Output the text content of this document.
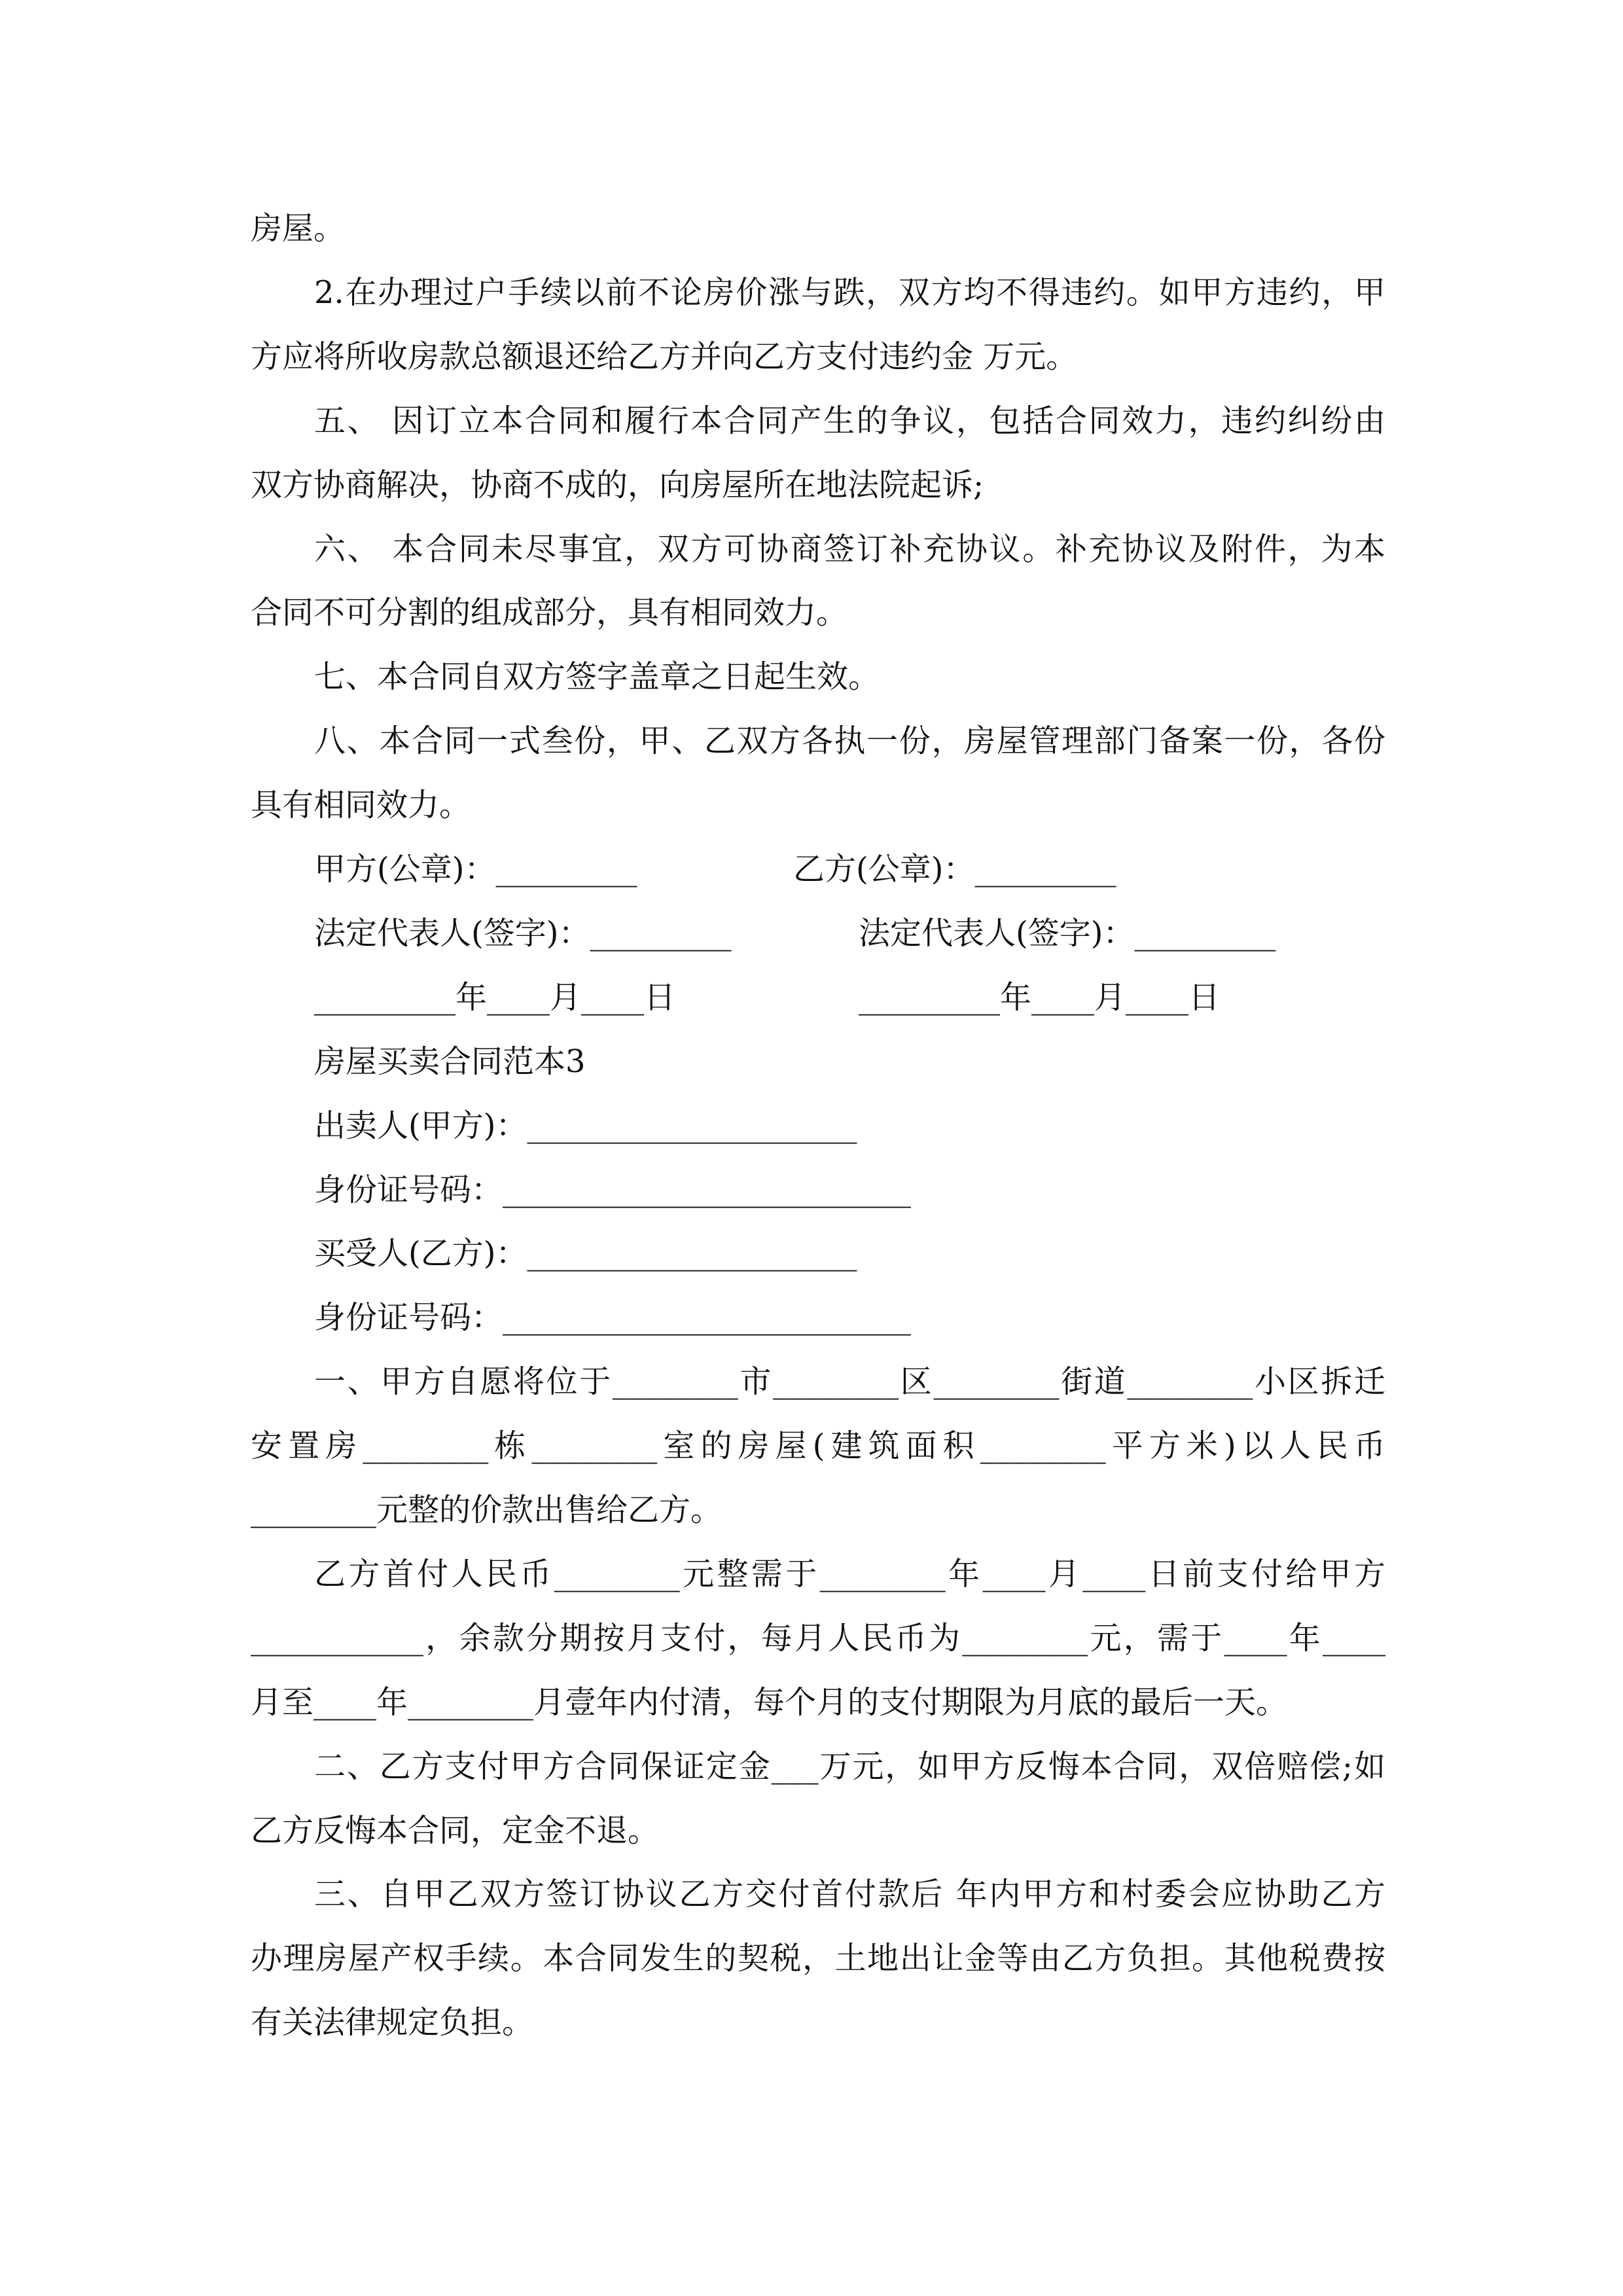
房屋。
2.在办理过户手续以前不论房价涨与跌，双方均不得违约。如甲方违约，甲
方应将所收房款总额退还给乙方并向乙方支付违约金 万元。
五、 因订立本合同和履行本合同产生的争议，包括合同效力，违约纠纷由
双方协商解决，协商不成的，向房屋所在地法院起诉;
六、 本合同未尽事宜，双方可协商签订补充协议。补充协议及附件，为本
合同不可分割的组成部分，具有相同效力。
七、本合同自双方签字盖章之日起生效。
八、本合同一式叁份，甲、乙双方各执一份，房屋管理部门备案一份，各份
具有相同效力。
甲方(公章)：_________	乙方(公章)：_________
法定代表人(签字)：_________	法定代表人(签字)：_________
_________年____月____日	_________年____月____日
房屋买卖合同范本3
出卖人(甲方)：_____________________
身份证号码：__________________________
买受人(乙方)：_____________________
身份证号码：__________________________
一、甲方自愿将位于________市________区________街道________小区拆迁
安置房________栋________室的房屋(建筑面积________平方米)以人民币
________元整的价款出售给乙方。
乙方首付人民币________元整需于________年____月____日前支付给甲方
___________，余款分期按月支付，每月人民币为________元，需于____年____
月至____年________月壹年内付清，每个月的支付期限为月底的最后一天。
二、乙方支付甲方合同保证定金___万元，如甲方反悔本合同，双倍赔偿;如
乙方反悔本合同，定金不退。
三、自甲乙双方签订协议乙方交付首付款后 年内甲方和村委会应协助乙方
办理房屋产权手续。本合同发生的契税，土地出让金等由乙方负担。其他税费按
有关法律规定负担。
